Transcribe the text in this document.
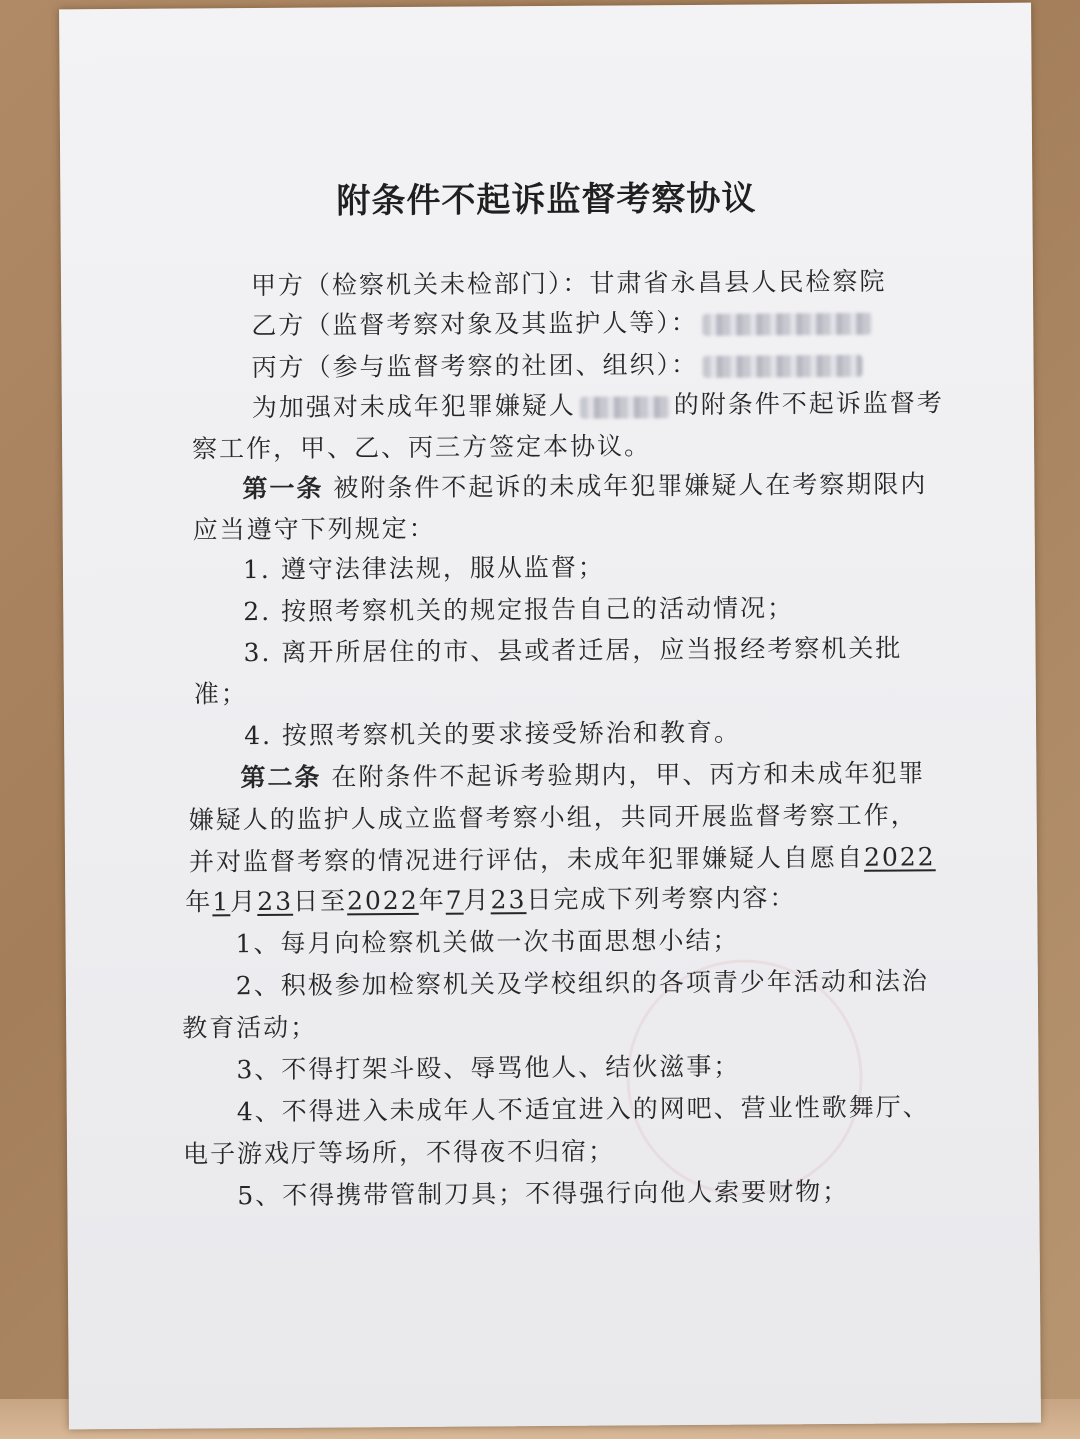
附条件不起诉监督考察协议
甲方（检察机关未检部门）：甘肃省永昌县人民检察院
乙方（监督考察对象及其监护人等）：
丙方（参与监督考察的社团、组织）：
为加强对未成年犯罪嫌疑人	的附条件不起诉监督考
察工作，甲、乙、丙三方签定本协议。
第一条 被附条件不起诉的未成年犯罪嫌疑人在考察期限内
应当遵守下列规定：
1. 遵守法律法规，服从监督；
2. 按照考察机关的规定报告自己的活动情况；
3. 离开所居住的市、县或者迁居，应当报经考察机关批
准；
4. 按照考察机关的要求接受矫治和教育。
第二条 在附条件不起诉考验期内，甲、丙方和未成年犯罪
嫌疑人的监护人成立监督考察小组，共同开展监督考察工作，
并对监督考察的情况进行评估，未成年犯罪嫌疑人自愿自2022
年1月23日至2022年7月23日完成下列考察内容：
1、每月向检察机关做一次书面思想小结；
2、积极参加检察机关及学校组织的各项青少年活动和法治
教育活动；
3、不得打架斗殴、辱骂他人、结伙滋事；
4、不得进入未成年人不适宜进入的网吧、营业性歌舞厅、
电子游戏厅等场所，不得夜不归宿；
5、不得携带管制刀具；不得强行向他人索要财物；
